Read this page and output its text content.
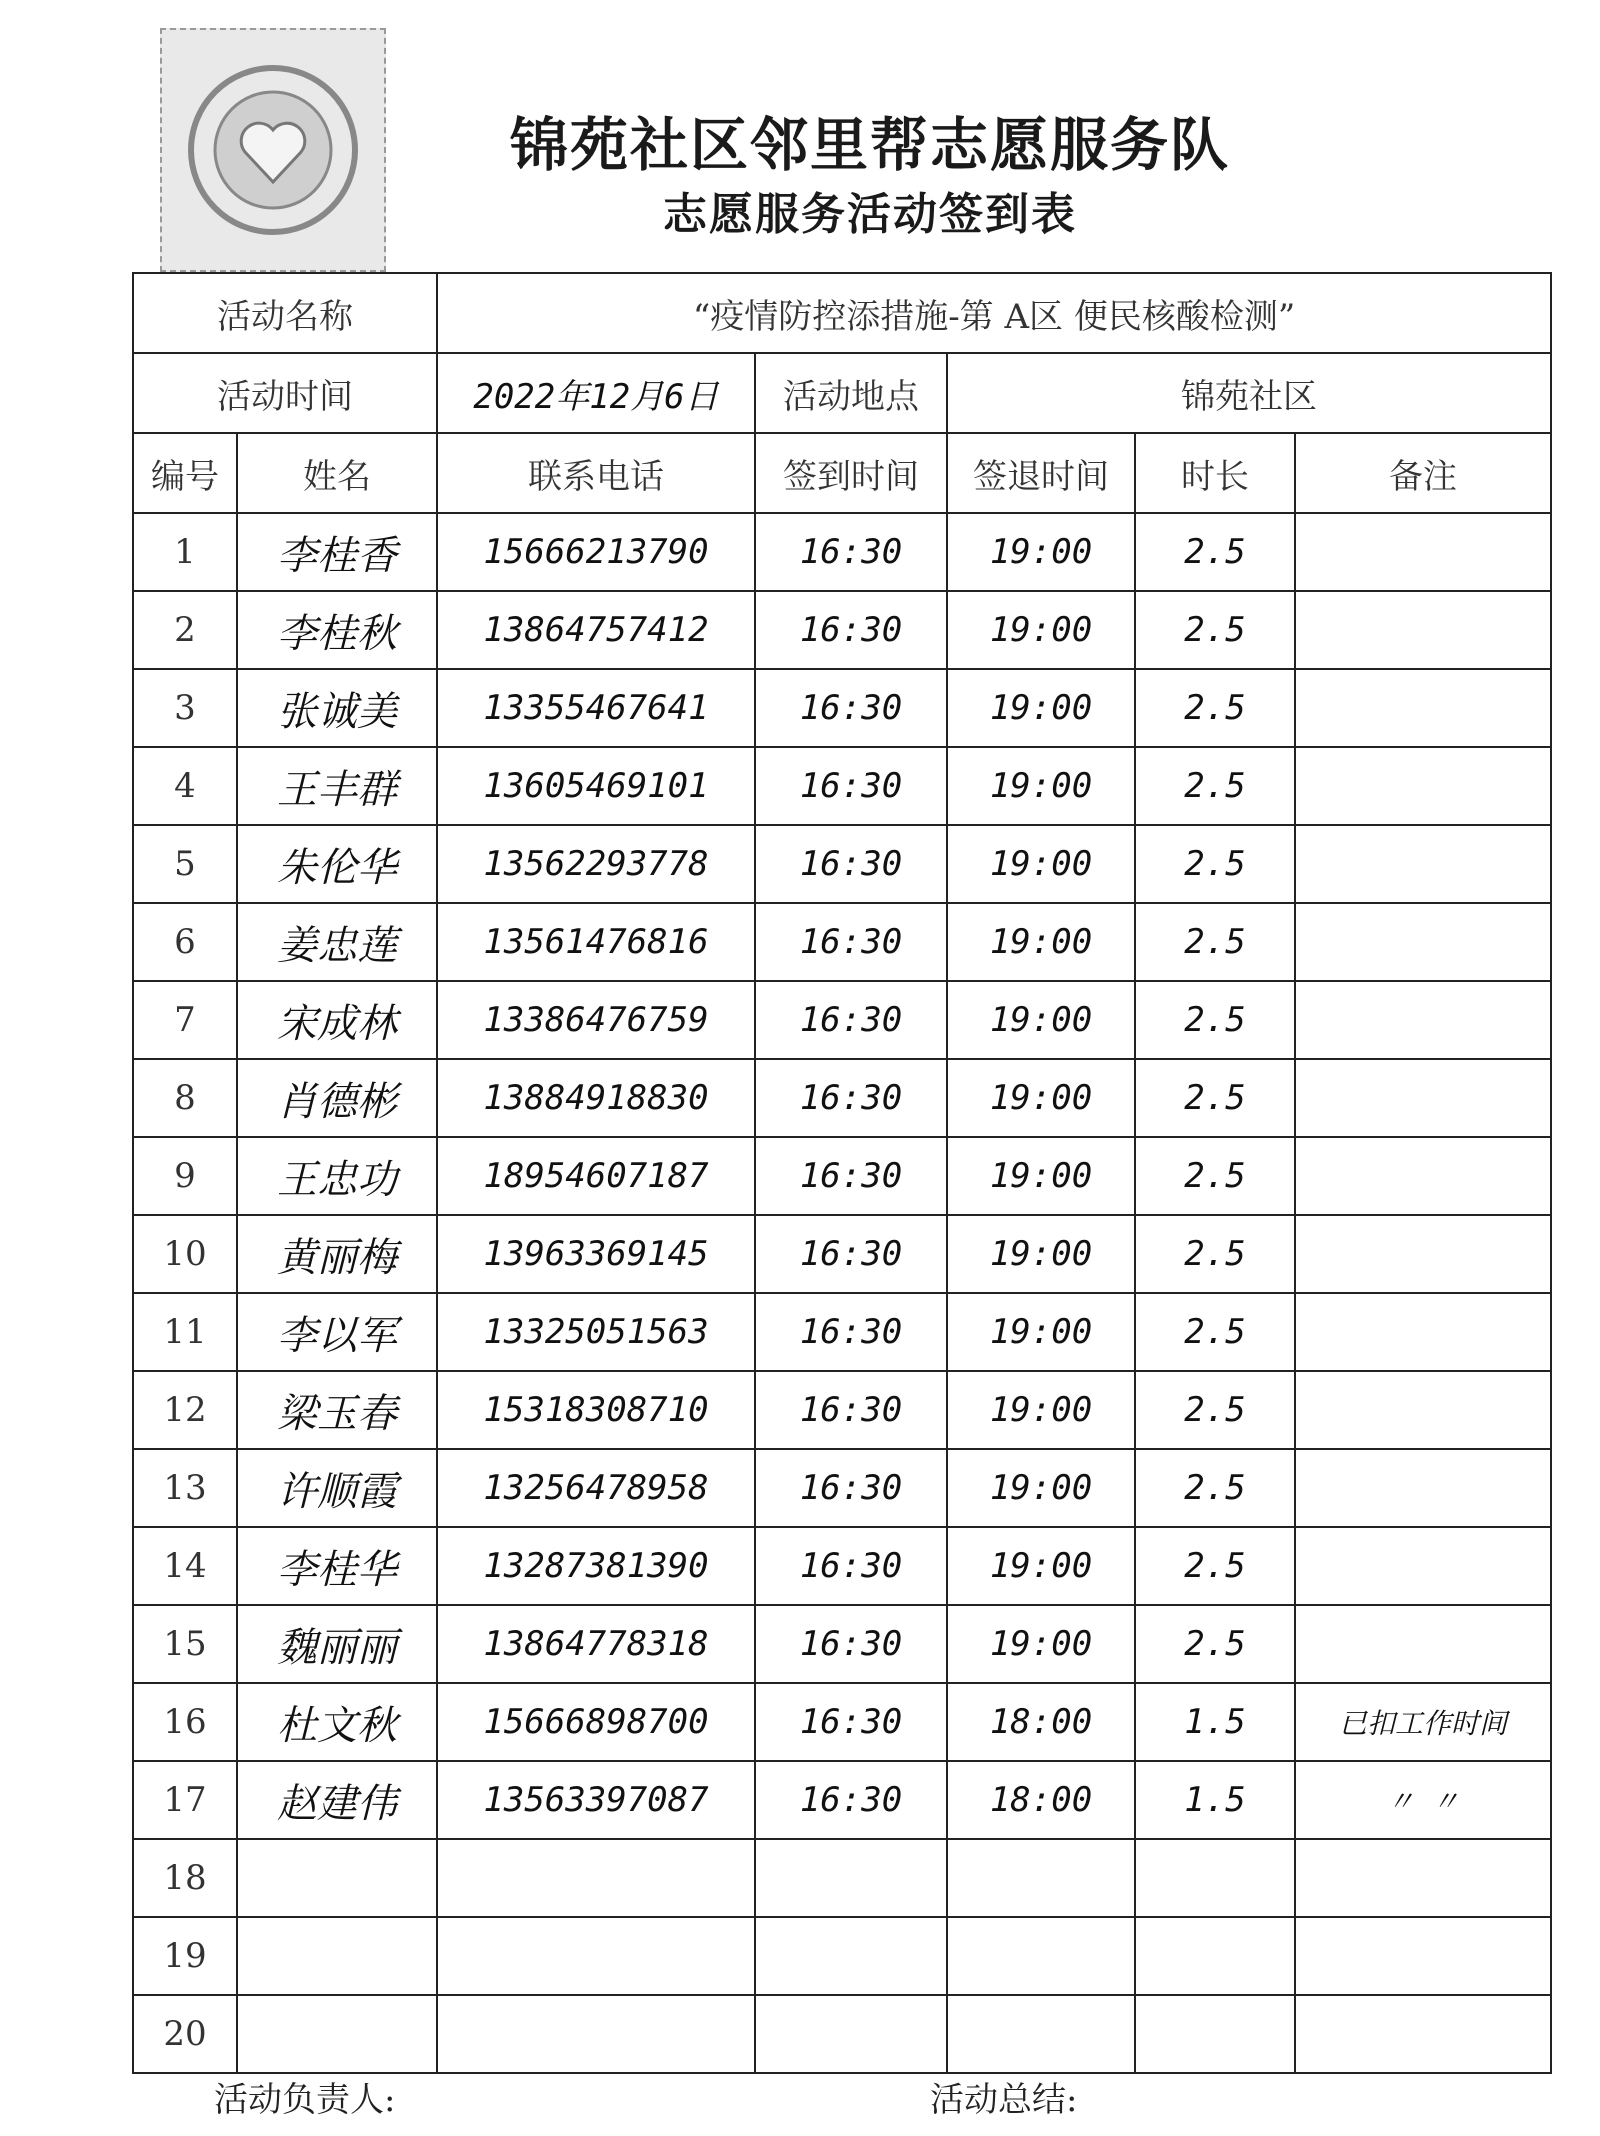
锦苑社区邻里帮志愿服务队
志愿服务活动签到表
活动名称		“疫情防控添措施-第 A区 便民核酸检测”				
活动时间		2022年12月6日	活动地点	锦苑社区		
编号	姓名	联系电话	签到时间	签退时间	时长	备注
1	李桂香	15666213790	16:30	19:00	2.5	
2	李桂秋	13864757412	16:30	19:00	2.5	
3	张诚美	13355467641	16:30	19:00	2.5	
4	王丰群	13605469101	16:30	19:00	2.5	
5	朱伦华	13562293778	16:30	19:00	2.5	
6	姜忠莲	13561476816	16:30	19:00	2.5	
7	宋成林	13386476759	16:30	19:00	2.5	
8	肖德彬	13884918830	16:30	19:00	2.5	
9	王忠功	18954607187	16:30	19:00	2.5	
10	黄丽梅	13963369145	16:30	19:00	2.5	
11	李以军	13325051563	16:30	19:00	2.5	
12	梁玉春	15318308710	16:30	19:00	2.5	
13	许顺霞	13256478958	16:30	19:00	2.5	
14	李桂华	13287381390	16:30	19:00	2.5	
15	魏丽丽	13864778318	16:30	19:00	2.5	
16	杜文秋	15666898700	16:30	18:00	1.5	已扣工作时间
17	赵建伟	13563397087	16:30	18:00	1.5	〃 〃
18						
19						
20						
活动负责人:	活动总结:
